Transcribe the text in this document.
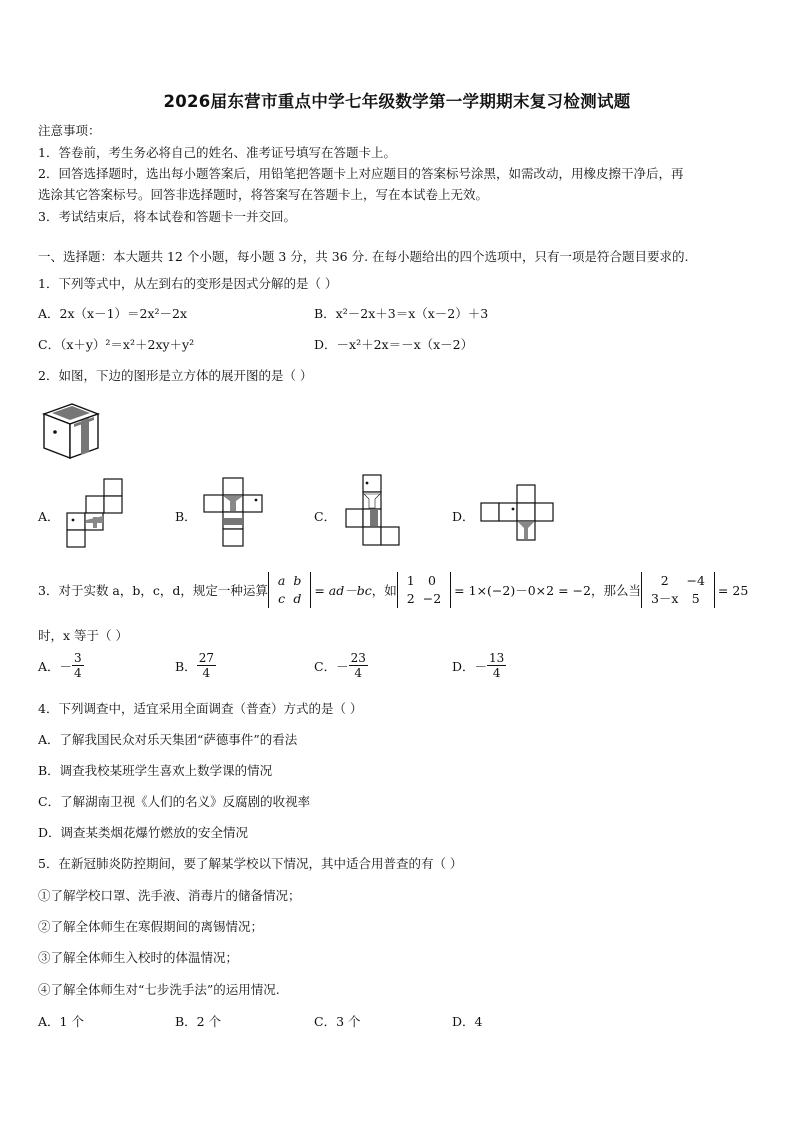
2026届东营市重点中学七年级数学第一学期期末复习检测试题
注意事项：
1．答卷前，考生务必将自己的姓名、准考证号填写在答题卡上。
2．回答选择题时，选出每小题答案后，用铅笔把答题卡上对应题目的答案标号涂黑，如需改动，用橡皮擦干净后，再
选涂其它答案标号。回答非选择题时，将答案写在答题卡上，写在本试卷上无效。
3．考试结束后，将本试卷和答题卡一并交回。
一、选择题：本大题共 12 个小题，每小题 3 分，共 36 分. 在每小题给出的四个选项中，只有一项是符合题目要求的.
1．下列等式中，从左到右的变形是因式分解的是（ ）
A．2x（x－1）＝2x²－2x	B．x²－2x＋3＝x（x－2）＋3
C．（x＋y）²＝x²＋2xy＋y²	D．－x²＋2x＝－x（x－2）
2．如图，下边的图形是立方体的展开图的是（ ）
A．	B．	C．	D．
3．对于实数 a，b，c，d，规定一种运算
a	b
c	d
= ad－bc ，如
1	0
2	−2
= 1×(−2)－0×2 = −2 ，那么当
2	−4
3－x	5
= 25
时，x 等于（ ）
A． － $\frac{3}{4}$	B． $\frac{27}{4}$	C． － $\frac{23}{4}$	D． － $\frac{13}{4}$
4．下列调查中，适宜采用全面调查（普查）方式的是（ ）
A．了解我国民众对乐天集团“萨德事件”的看法
B．调查我校某班学生喜欢上数学课的情况
C．了解湖南卫视《人们的名义》反腐剧的收视率
D．调查某类烟花爆竹燃放的安全情况
5．在新冠肺炎防控期间，要了解某学校以下情况，其中适合用普查的有（ ）
①了解学校口罩、洗手液、消毒片的储备情况；
②了解全体师生在寒假期间的离锡情况；
③了解全体师生入校时的体温情况；
④了解全体师生对“七步洗手法”的运用情况.
A．1 个	B．2 个	C．3 个	D．4
